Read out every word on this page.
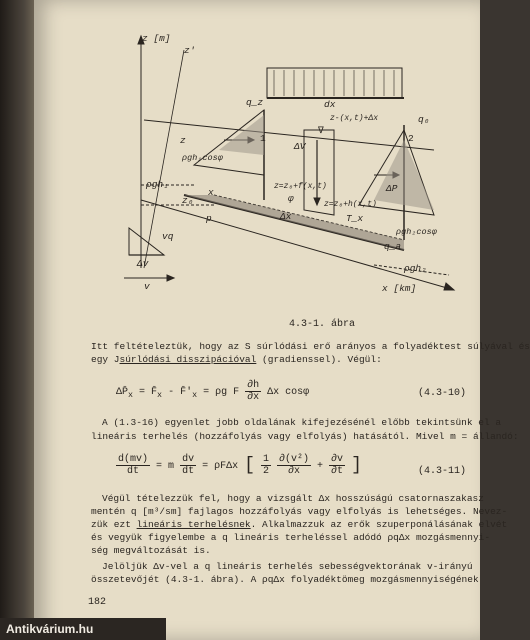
z [m]
z'
x [km]
dx
q₀
q_z
q_a
ΔP
T_x
ΔV
∇
vq
Δv
v
φ
z-(x,t)+Δx
z=z₀+f(x,t)
z=z₀+h(x,t)
1	2
p
z
z₀
x
Δx
ρgh₁
ρgh₂
ρgh₁cosφ
ρgh₂cosφ
4.3-1. ábra
Itt feltételeztük, hogy az S súrlódási erő arányos a folyadéktest súlyával és
egy Jsúrlódási disszipációval (gradienssel). Végül:
$\Delta P̄_x$ = $F̄_x$ - $F̄'_x = \rho g$ F $\frac{\partial h}{\partial x}$ Δx cosφ	(4.3-10)
A (1.3-16) egyenlet jobb oldalának kifejezésénél előbb tekintsünk el a
lineáris terhelés (hozzáfolyás vagy elfolyás) hatásától. Mivel m = állandó:
$\frac{d(mv)}{dt} = m \frac{dv}{dt} = \rho F\Delta x$ [ $\frac{1}{2}$
$\frac{\text{∂(v²)}}{\partial x} + \frac{\partial v}{\partial t}$ ]	(4.3-11)
Végül tételezzük fel, hogy a vizsgált Δx hosszúságú csatornaszakasz
mentén q [m³/sm] fajlagos hozzáfolyás vagy elfolyás is lehetséges. Nevez-
zük ezt lineáris terhelésnek. Alkalmazzuk az erők szuperponálásának elvét
és vegyük figyelembe a q lineáris terheléssel adódó ρqΔx mozgásmennyi-
ség megváltozását is.
Jelöljük Δv-vel a q lineáris terhelés sebességvektorának v-irányú
összetevőjét (4.3-1. ábra). A ρqΔx folyadéktömeg mozgásmennyiségének
182
Antikvárium.hu
